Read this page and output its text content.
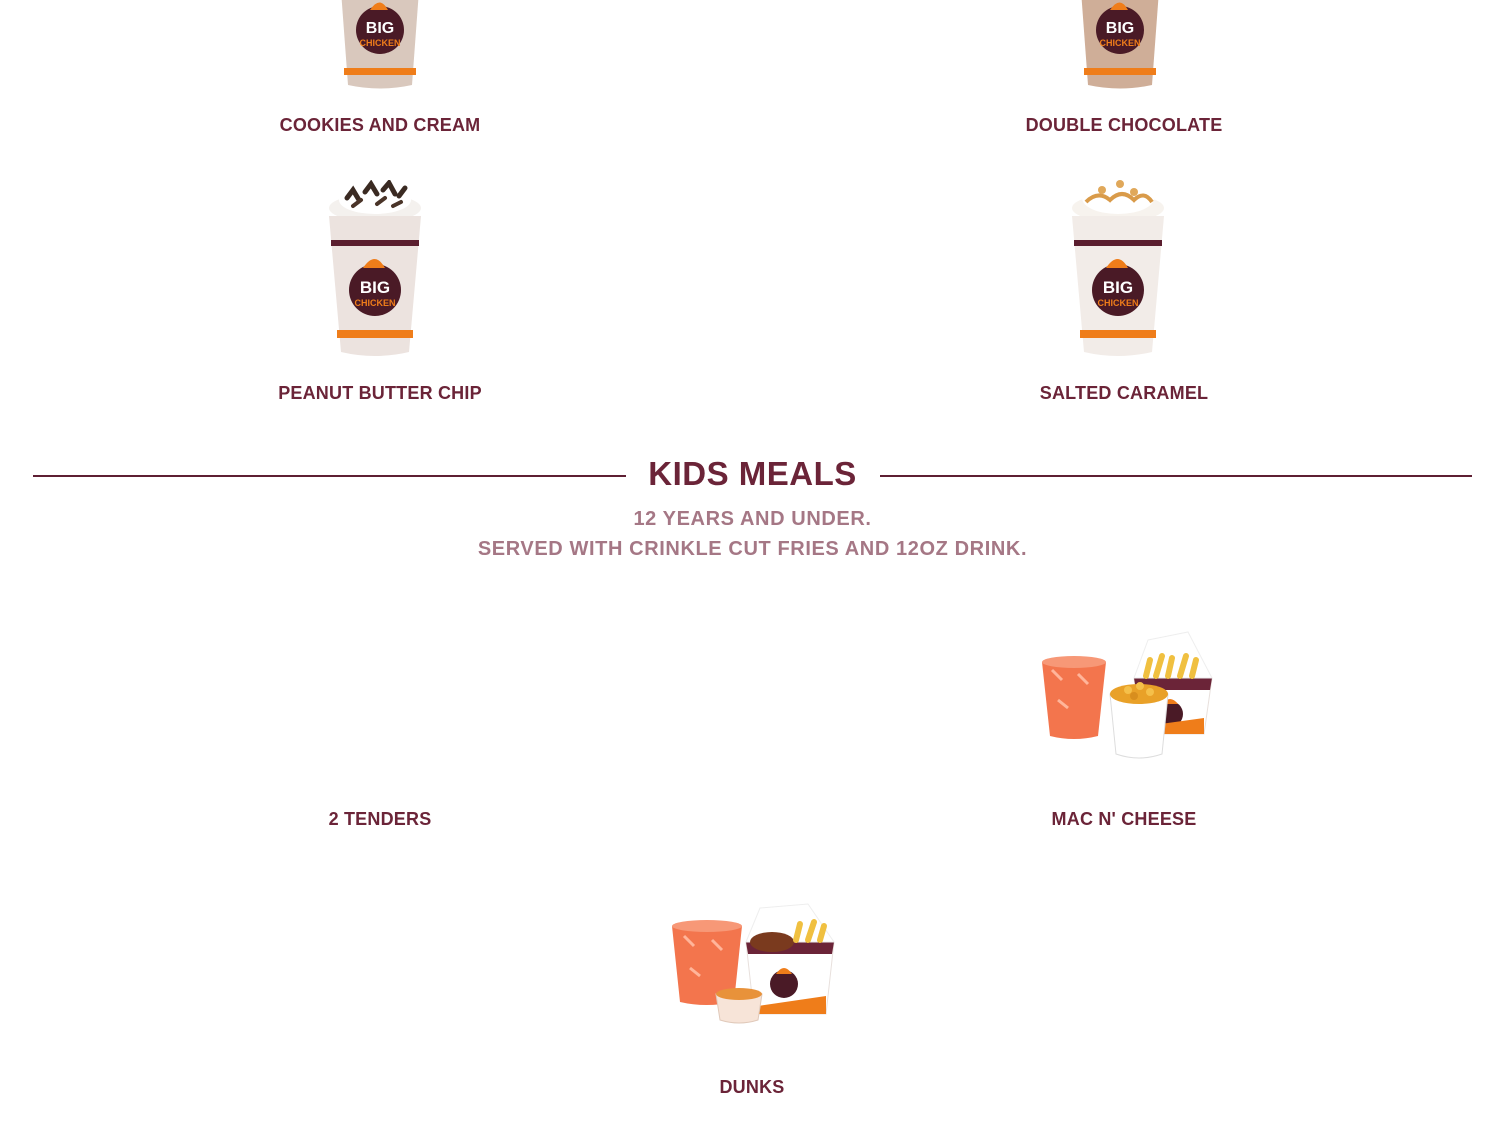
BIG
CHICKEN
COOKIES AND CREAM
BIG
CHICKEN
DOUBLE CHOCOLATE
BIG
CHICKEN
PEANUT BUTTER CHIP
BIG
CHICKEN
SALTED CARAMEL
KIDS MEALS
12 YEARS AND UNDER.
SERVED WITH CRINKLE CUT FRIES AND 12OZ DRINK.
2 TENDERS	MAC N' CHEESE
DUNKS
